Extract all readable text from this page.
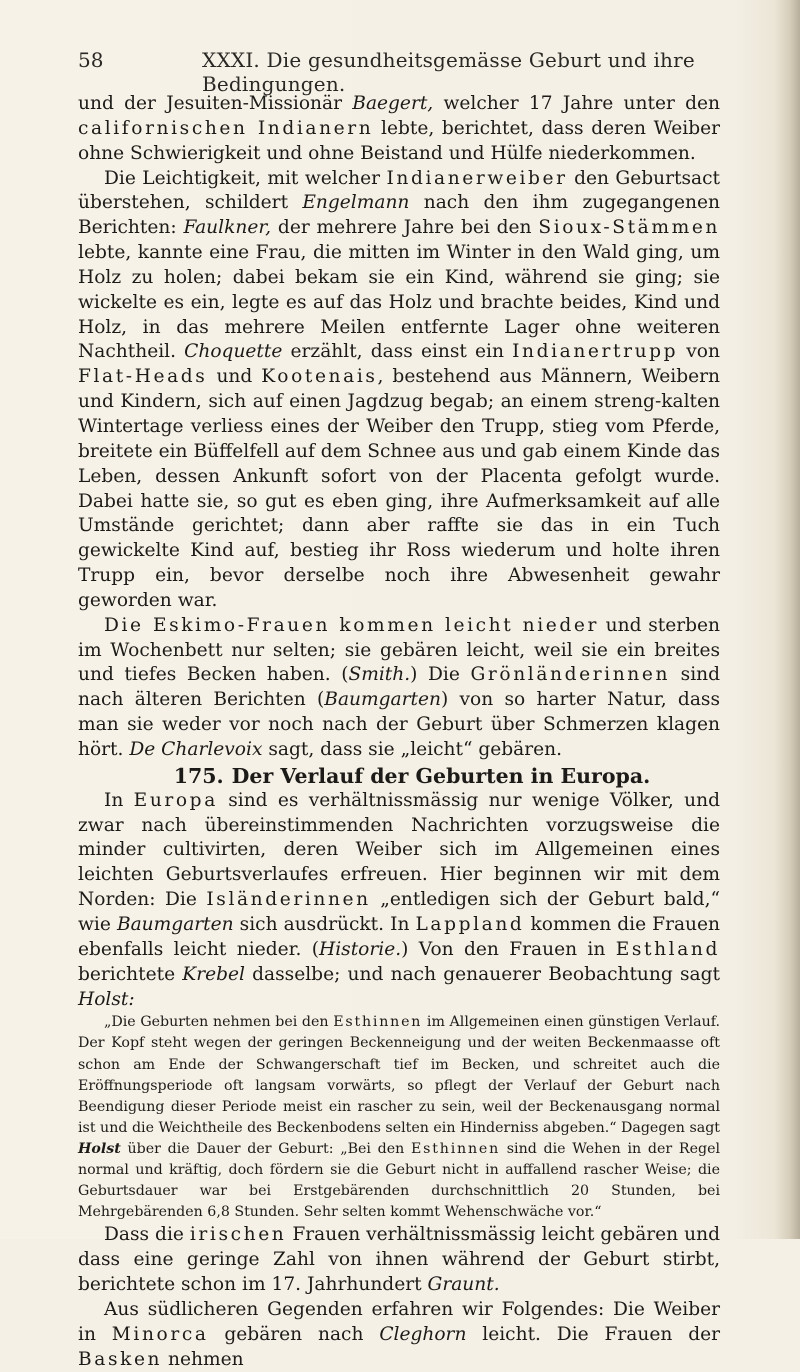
58	XXXI. Die gesundheitsgemässe Geburt und ihre Bedingungen.

und der Jesuiten-Missionär Baegert, welcher 17 Jahre unter den californischen Indianern lebte, berichtet, dass deren Weiber ohne Schwierigkeit und ohne Beistand und Hülfe niederkommen.

Die Leichtigkeit, mit welcher Indianerweiber den Geburtsact überstehen, schildert Engelmann nach den ihm zugegangenen Berichten: Faulkner, der mehrere Jahre bei den Sioux-Stämmen lebte, kannte eine Frau, die mitten im Winter in den Wald ging, um Holz zu holen; dabei bekam sie ein Kind, während sie ging; sie wickelte es ein, legte es auf das Holz und brachte beides, Kind und Holz, in das mehrere Meilen entfernte Lager ohne weiteren Nachtheil. Choquette erzählt, dass einst ein Indianertrupp von Flat-Heads und Kootenais, bestehend aus Männern, Weibern und Kindern, sich auf einen Jagdzug begab; an einem streng-kalten Wintertage verliess eines der Weiber den Trupp, stieg vom Pferde, breitete ein Büffelfell auf dem Schnee aus und gab einem Kinde das Leben, dessen Ankunft sofort von der Placenta gefolgt wurde. Dabei hatte sie, so gut es eben ging, ihre Aufmerksamkeit auf alle Umstände gerichtet; dann aber raffte sie das in ein Tuch gewickelte Kind auf, bestieg ihr Ross wiederum und holte ihren Trupp ein, bevor derselbe noch ihre Abwesenheit gewahr geworden war.

Die Eskimo-Frauen kommen leicht nieder und sterben im Wochenbett nur selten; sie gebären leicht, weil sie ein breites und tiefes Becken haben. (Smith.) Die Grönländerinnen sind nach älteren Berichten (Baumgarten) von so harter Natur, dass man sie weder vor noch nach der Geburt über Schmerzen klagen hört. De Charlevoix sagt, dass sie „leicht“ gebären.

175. Der Verlauf der Geburten in Europa.

In Europa sind es verhältnissmässig nur wenige Völker, und zwar nach übereinstimmenden Nachrichten vorzugsweise die minder cultivirten, deren Weiber sich im Allgemeinen eines leichten Geburtsverlaufes erfreuen. Hier beginnen wir mit dem Norden: Die Isländerinnen „entledigen sich der Geburt bald,“ wie Baumgarten sich ausdrückt. In Lappland kommen die Frauen ebenfalls leicht nieder. (Historie.) Von den Frauen in Esthland berichtete Krebel dasselbe; und nach genauerer Beobachtung sagt Holst:

„Die Geburten nehmen bei den Esthinnen im Allgemeinen einen günstigen Verlauf. Der Kopf steht wegen der geringen Beckenneigung und der weiten Beckenmaasse oft schon am Ende der Schwangerschaft tief im Becken, und schreitet auch die Eröffnungsperiode oft langsam vorwärts, so pflegt der Verlauf der Geburt nach Beendigung dieser Periode meist ein rascher zu sein, weil der Beckenausgang normal ist und die Weichtheile des Beckenbodens selten ein Hinderniss abgeben.“ Dagegen sagt Holst über die Dauer der Geburt: „Bei den Esthinnen sind die Wehen in der Regel normal und kräftig, doch fördern sie die Geburt nicht in auffallend rascher Weise; die Geburtsdauer war bei Erstgebärenden durchschnittlich 20 Stunden, bei Mehrgebärenden 6,8 Stunden. Sehr selten kommt Wehenschwäche vor.“

Dass die irischen Frauen verhältnissmässig leicht gebären und dass eine geringe Zahl von ihnen während der Geburt stirbt, berichtete schon im 17. Jahrhundert Graunt.

Aus südlicheren Gegenden erfahren wir Folgendes: Die Weiber in Minorca gebären nach Cleghorn leicht. Die Frauen der Basken nehmen
